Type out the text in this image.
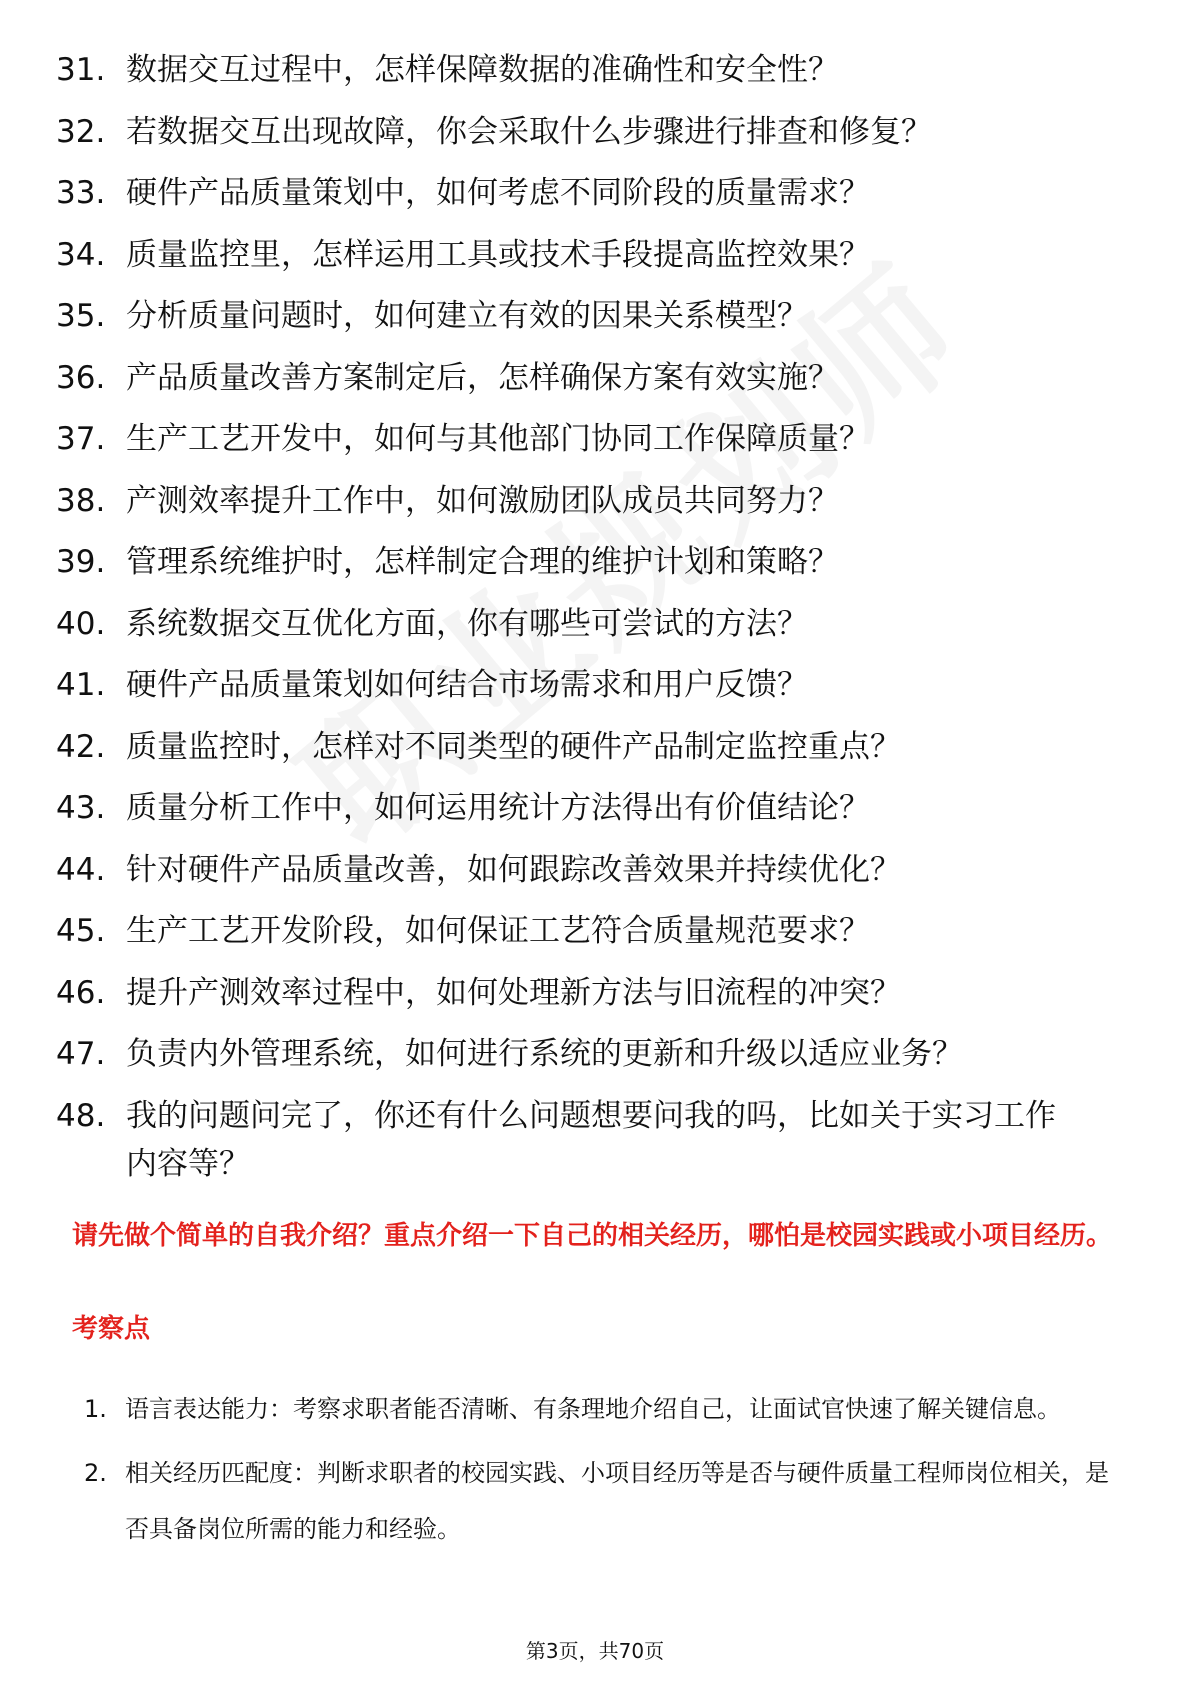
31. 数据交互过程中，怎样保障数据的准确性和安全性？
32. 若数据交互出现故障，你会采取什么步骤进行排查和修复？
33. 硬件产品质量策划中，如何考虑不同阶段的质量需求？
34. 质量监控里，怎样运用工具或技术手段提高监控效果？
35. 分析质量问题时，如何建立有效的因果关系模型？
36. 产品质量改善方案制定后，怎样确保方案有效实施？
37. 生产工艺开发中，如何与其他部门协同工作保障质量？
38. 产测效率提升工作中，如何激励团队成员共同努力？
39. 管理系统维护时，怎样制定合理的维护计划和策略？
40. 系统数据交互优化方面，你有哪些可尝试的方法？
41. 硬件产品质量策划如何结合市场需求和用户反馈？
42. 质量监控时，怎样对不同类型的硬件产品制定监控重点？
43. 质量分析工作中，如何运用统计方法得出有价值结论？
44. 针对硬件产品质量改善，如何跟踪改善效果并持续优化？
45. 生产工艺开发阶段，如何保证工艺符合质量规范要求？
46. 提升产测效率过程中，如何处理新方法与旧流程的冲突？
47. 负责内外管理系统，如何进行系统的更新和升级以适应业务？
48. 我的问题问完了，你还有什么问题想要问我的吗，比如关于实习工作内容等？

请先做个简单的自我介绍？重点介绍一下自己的相关经历，哪怕是校园实践或小项目经历。

考察点

1. 语言表达能力：考察求职者能否清晰、有条理地介绍自己，让面试官快速了解关键信息。
2. 相关经历匹配度：判断求职者的校园实践、小项目经历等是否与硬件质量工程师岗位相关，是否具备岗位所需的能力和经验。
第3页，共70页
